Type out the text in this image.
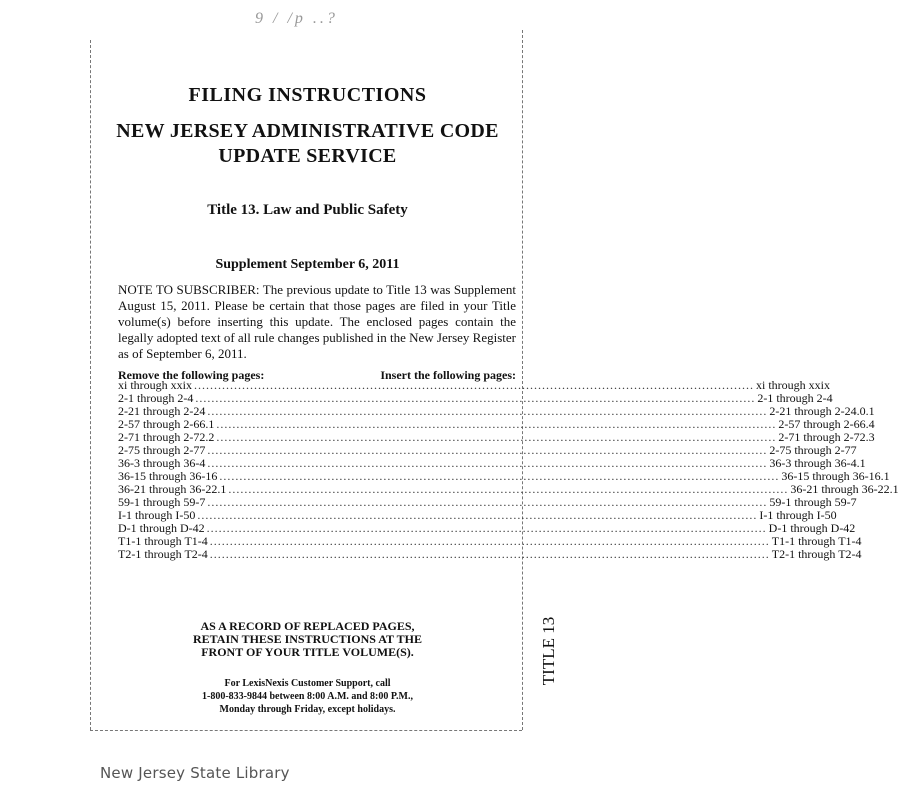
9 / /p ..?
FILING INSTRUCTIONS
NEW JERSEY ADMINISTRATIVE CODE
UPDATE SERVICE
Title 13. Law and Public Safety
Supplement September 6, 2011
NOTE TO SUBSCRIBER: The previous update to Title 13 was Supplement August 15, 2011. Please be certain that those pages are filed in your Title volume(s) before inserting this update. The enclosed pages contain the legally adopted text of all rule changes published in the New Jersey Register as of September 6, 2011.
Remove the following pages:	Insert the following pages:
xi through xxix ............................................................................................................................................ xi through xxix
2-1 through 2-4 ............................................................................................................................................ 2-1 through 2-4
2-21 through 2-24 ............................................................................................................................................ 2-21 through 2-24.0.1
2-57 through 2-66.1 ............................................................................................................................................ 2-57 through 2-66.4
2-71 through 2-72.2 ............................................................................................................................................ 2-71 through 2-72.3
2-75 through 2-77 ............................................................................................................................................ 2-75 through 2-77
36-3 through 36-4 ............................................................................................................................................ 36-3 through 36-4.1
36-15 through 36-16 ............................................................................................................................................ 36-15 through 36-16.1
36-21 through 36-22.1 ............................................................................................................................................ 36-21 through 36-22.1
59-1 through 59-7 ............................................................................................................................................ 59-1 through 59-7
I-1 through I-50 ............................................................................................................................................ I-1 through I-50
D-1 through D-42 ............................................................................................................................................ D-1 through D-42
T1-1 through T1-4 ............................................................................................................................................ T1-1 through T1-4
T2-1 through T2-4 ............................................................................................................................................ T2-1 through T2-4
AS A RECORD OF REPLACED PAGES,
RETAIN THESE INSTRUCTIONS AT THE
FRONT OF YOUR TITLE VOLUME(S).
For LexisNexis Customer Support, call
1-800-833-9844 between 8:00 A.M. and 8:00 P.M.,
Monday through Friday, except holidays.
TITLE 13
New Jersey State Library
